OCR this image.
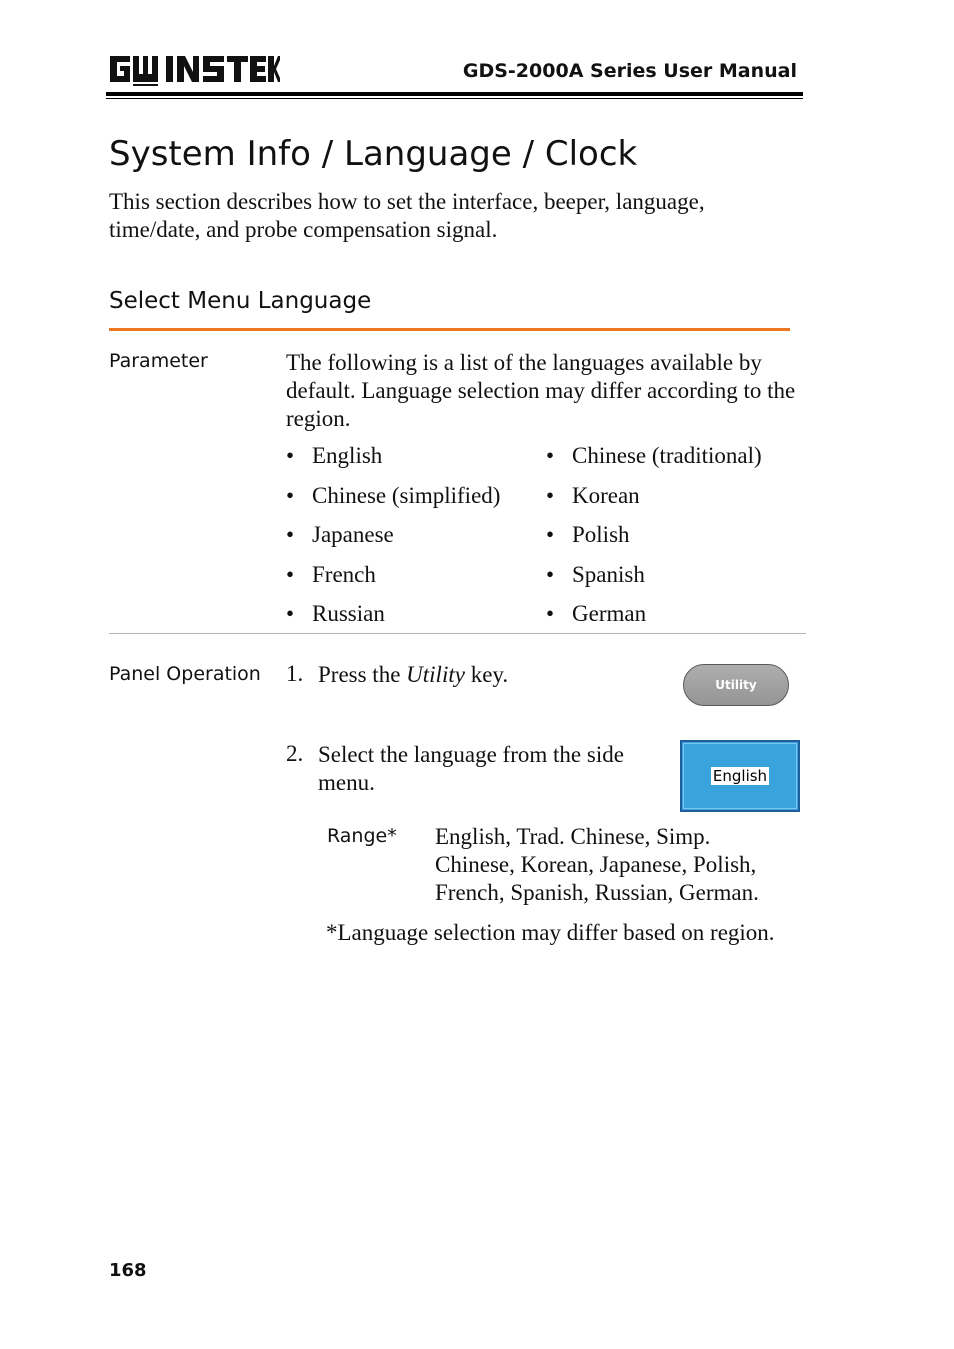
GDS-2000A Series User Manual
System Info / Language / Clock
This section describes how to set the interface, beeper, language, time/date, and probe compensation signal.
Select Menu Language
Parameter	The following is a list of the languages available by default. Language selection may differ according to the region.
• English
• Chinese (simplified)
• Japanese
• French
• Russian
• Chinese (traditional)
• Korean
• Polish
• Spanish
• German
Panel Operation 1. Press the Utility key.	Utility
2. Select the language from the side menu.	English
Range* English, Trad. Chinese, Simp. Chinese, Korean, Japanese, Polish, French, Spanish, Russian, German.
*Language selection may differ based on region.
168
